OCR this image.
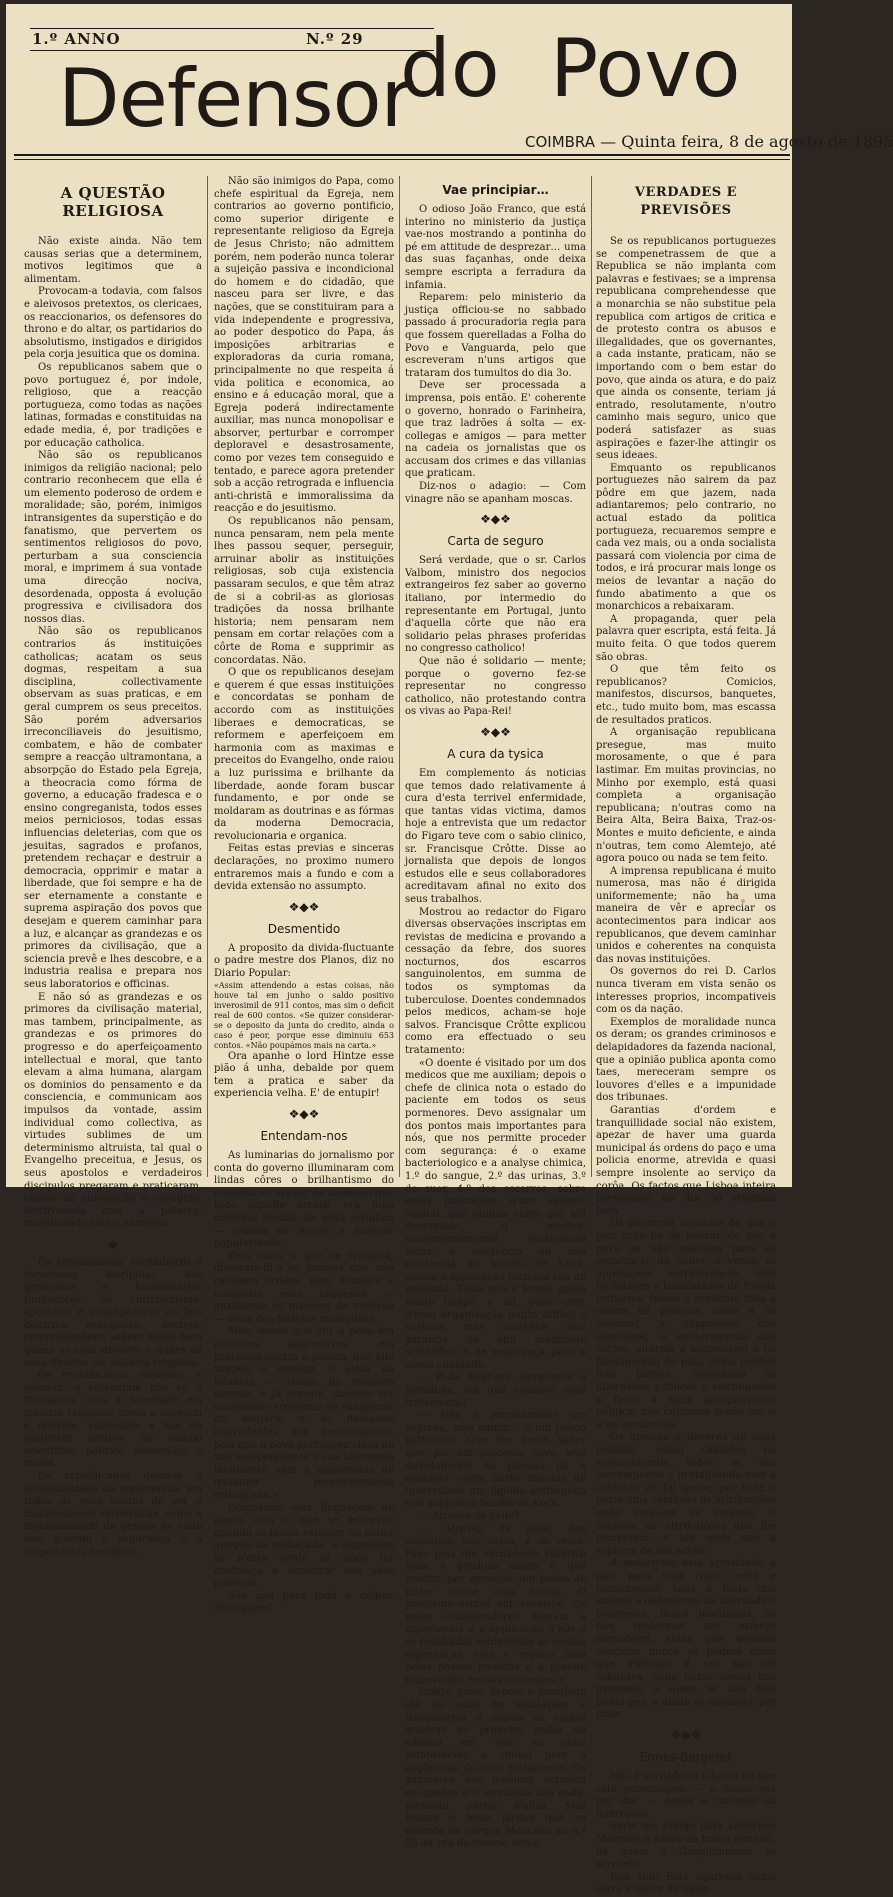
1.º ANNO	N.º 29
Defensor
do Povo
COIMBRA — Quinta feira, 8 de agosto de 1895
A QUESTÃO RELIGIOSA

Não existe ainda. Não tem causas serias que a determinem, motivos legitimos que a alimentam.

Provocam-a todavia, com falsos e aleivosos pretextos, os clericaes, os reaccionarios, os defensores do throno e do altar, os partidarios do absolutismo, instigados e dirigidos pela corja jesuitica que os domina.

Os republicanos sabem que o povo portuguez é, por indole, religioso, que a reacção portugueza, como todas as nações latinas, formadas e constituidas na edade media, é, por tradições e por educação catholica.

Não são os republicanos inimigos da religião nacional; pelo contrario reconhecem que ella é um elemento poderoso de ordem e moralidade; são, porém, inimigos intransigentes da superstição e do fanatismo, que pervertem os sentimentos religiosos do povo, perturbam a sua consciencia moral, e imprimem á sua vontade uma direcção nociva, desordenada, opposta á evolução progressiva e civilisadora dos nossos dias.

Não são os republicanos contrarios ás instituições catholicas; acatam os seus dogmas, respeitam a sua disciplina, collectivamente observam as suas praticas, e em geral cumprem os seus preceitos. São porém adversarios irreconciliaveis do jesuitismo, combatem, e hão de combater sempre a reacção ultramontana, a absorpção do Estado pela Egreja, a theocracia como fórma de governo, a educação fradesca e o ensino congreganista, todos esses meios perniciosos, todas essas influencias deleterias, com que os jesuitas, sagrados e profanos, pretendem rechaçar e destruir a democracia, opprimir e matar a liberdade, que foi sempre e ha de ser eternamente a constante e suprema aspiração dos povos que desejam e querem caminhar para a luz, e alcançar as grandezas e os primores da civilisação, que a sciencia prevê e lhes descobre, e a industria realisa e prepara nos seus laboratorios e officinas.

E não só as grandezas e os primores da civilisação material, mas tambem, principalmente, as grandezas e os primores do progresso e do aperfeiçoamento intellectual e moral, que tanto elevam a alma humana, alargam os dominios do pensamento e da consciencia, e communicam aos impulsos da vontade, assim individual como collectiva, as virtudes sublimes de um determinismo altruista, tal qual o Evangelho preceitua, e Jesus, os seus apostolos e verdadeiros discipulos pregaram e praticaram, cheios de abnegação e coragem, doutrinando com a palavra, moralisando com o exemplo.

◆

Os republicanos, verdadeiros e fervorosos discipulos dos generosos e humanitarios fundadores do christianismo, apostolos e propagadores da boa doutrina evangelica, sentem, comprehendem, sabem muito bem quaes os seus deveres e quaes os seus direitos em materia religiosa.

Os republicanos, desejam, e querem, e sustentam não só a tolerancia, mas a liberdade em materia religiosa, como a desejam e querem, sustentam e hão de sustentar sempre no campo scientifico, politico, economico e moral.

Os republicanos querem a inviolabilidade da consciencia, em todos os seus modos de ser e manifestações respectivas, como a inviolabilidade da pessoa de cada um; querem a segurança e o respeito dos dominios.

Não são inimigos do Papa, como chefe espiritual da Egreja, nem contrarios ao governo pontificio, como superior dirigente e representante religioso da Egreja de Jesus Christo; não admittem porém, nem poderão nunca tolerar a sujeição passiva e incondicional do homem e do cidadão, que nasceu para ser livre, e das nações, que se constituiram para a vida independente e progressiva, ao poder despotico do Papa, ás imposições arbitrarias e exploradoras da curia romana, principalmente no que respeita á vida politica e economica, ao ensino e á educação moral, que a Egreja poderá indirectamente auxiliar, mas nunca monopolisar e absorver, perturbar e corromper deploravel e desastrosamente, como por vezes tem conseguido e tentado, e parece agora pretender sob a acção retrograda e influencia anti-christã e immoralissima da reacção e do jesuitismo.

Os republicanos não pensam, nunca pensaram, nem pela mente lhes passou sequer, perseguir, arruinar abolir as instituições religiosas, sob cuja existencia passaram seculos, e que têm atraz de si a cobril-as as gloriosas tradições da nossa brilhante historia; nem pensaram nem pensam em cortar relações com a côrte de Roma e supprimir as concordatas. Não.

O que os republicanos desejam e querem é que essas instituições e concordatas se ponham de accordo com as instituições liberaes e democraticas, se reformem e aperfeiçoem em harmonia com as maximas e preceitos do Evangelho, onde raiou a luz purissima e brilhante da liberdade, aonde foram buscar fundamento, e por onde se moldaram as doutrinas e as fórmas da moderna Democracia, revolucionaria e organica.

Feitas estas previas e sinceras declarações, no proximo numero entraremos mais a fundo e com a devida extensão no assumpto.

❖◆❖
Desmentido

A proposito da divida-fluctuante o padre mestre dos Planos, diz no Diario Popular:

«Assim attendendo a estas coisas, não houve tal em junho o saldo positivo inverosimil de 911 contos, mas sim o deficit real de 600 contos. «Se quizer considerar-se o deposito da junta do credito, ainda o caso é peor, porque esse diminuiu 653 contos. «Não poupámos mais na carta.»

Ora apanhe o lord Hintze esse pião á unha, debalde por quem tem a pratica e saber da experiencia velha. E' de entupir!

❖◆❖
Entendam-nos

As luminarias do jornalismo por conta do governo illuminaram com lindas côres o brilhantismo do centenario, apezar de saberem que todo aquelle arraial era uma comedia ignobil da seita jesuitica — revista de forças e mostrar popularidade.

Bem viam o que se tramava, disseram-lh'o os jornaes que não recebem ordens, nem dinheiro e commodo essa imprensa — auxiliando os manejos da reacção — disse dos festejos maravilhas.

Mas, desde que viu o povo em attitudes aggressivas, em protestos contra o jesuita, que elle suppõe o inimigo, o algoz da infancia — fallam de maneira diversa, e já berram, dizendo ser necessario «reprimir os exaggeros do beaterio e as demasias imprudentes dos reaccionarios, pois que o povo portuguez cioso da sua independencia e sua tolerancia fácilmente nem a apparencia de qualquer preponderancia retrograda.»

Comparem esta linguagem de agora com o que se escreveu quando as festas estavam no maior apogeo da palhaçada, e digam-nos se n'esta gente se póde ter confiança e acreditar nas suas palavras.

São pau para toda a colher. Repugnam!

Vae principiar…

O odioso João Franco, que está interino no ministerio da justiça vae-nos mostrando a pontinha do pé em attitude de desprezar… uma das suas façanhas, onde deixa sempre escripta a ferradura da infamia.

Reparem: pelo ministerio da justiça officiou-se no sabbado passado á procuradoria regia para que fossem querelladas a Folha do Povo e Vanguarda, pelo que escreveram n'uns artigos que trataram dos tumultos do dia 3o.

Deve ser processada a imprensa, pois então. E' coherente o governo, honrado o Farinheira, que traz ladrões á solta — ex-collegas e amigos — para metter na cadeia os jornalistas que os accusam dos crimes e das villanias que praticam.

Diz-nos o adagio: — Com vinagre não se apanham moscas.

❖◆❖
Carta de seguro

Será verdade, que o sr. Carlos Valbom, ministro dos negocios extrangeiros fez saber ao governo italiano, por intermedio do representante em Portugal, junto d'aquella côrte que não era solidario pelas phrases proferidas no congresso catholico!

Que não é solidario — mente; porque o governo fez-se representar no congresso catholico, não protestando contra os vivas ao Papa-Rei!

❖◆❖
A cura da tysica

Em complemento ás noticias que temos dado relativamente á cura d'esta terrivel enfermidade, que tantas vidas victima, damos hoje a entrevista que um redactor do Figaro teve com o sabio clinico, sr. Francisque Crôtte. Disse ao jornalista que depois de longos estudos elle e seus collaboradores acreditavam afinal no exito dos seus trabalhos.

Mostrou ao redactor do Figaro diversas observações inscriptas em revistas de medicina e provando a cessação da febre, dos suores nocturnos, dos escarros sanguinolentos, em summa de todos os symptomas da tuberculose. Doentes condemnados pelos medicos, acham-se hoje salvos. Francisque Crôtte explicou como era effectuado o seu tratamento:

«O doente é visitado por um dos medicos que me auxiliam; depois o chefe de clinica nota o estado do paciente em todos os seus pormenores. Devo assignalar um dos pontos mais importantes para nós, que nos permitte proceder com segurança: é o exame bacteriologico e a analyse chimica, 1.º do sangue, 2.º das urinas, 3.º do suor, 4.º dos escarros; sobre estas indicações d'um alcance capital, que muitas vezes por alli desprezam, o medico, convenientemente esclarecido sobre a existencia ou não existencia do bacillo de Kock, marca a applicação racional seu do methodo. Tudo isto é longo, gasta muito tempo, e foi, pode crer, d'uma organisação muito difficil e custosa, mas constitue uma garantia de alta probidade scientifica e de segurança para a nossa clientella.

— Pode dizer-me, perguntou o jornalista, em que consiste esse tratamento?

— Não é precisamente um segredo, mas emfim… é um pouco particular. Que lhe baste saber que, por um processo novo, levo directamente ao pulmão ou a qualquer outra parte atacada de tuberculose um liquido antiseptico que aniquila o bacillo de Kock.

— Através da pelle?

— Atravez da pelle, dos musculos, dos ossos, e do resto. Faço pois um verdadeiro curativo local e produzo assim o que produz, por exemplo, um penso de Lister sobre uma ferida. O problema estava ahi: resolvi-o. Os meus collaboradores fizeram a experiencia e a applicação d'elle e os resultados sobrelevam as nossas esperanças: veja e registo feito pelos nossos medicos e o grande numero dos nossos successos.»

Crôtte guiou depois o jornalista até as salas de inhalações e laboratorios e depois ás vastas quadras do primeiro andar do edificio em que se acha estabelecida a clinica para a applicação do novo tratamento. Os gabinetes dos medicos estavam occupados e o jornalista não pode, portanto, entrar n'ellas. Mas visitou o bello jardim que se estende do parque Monceau ao n.º 55 da rua do mesmo nome.

VERDADES E PREVISÕES

Se os republicanos portuguezes se compenetrassem de que a Republica se não implanta com palavras e festivaes; se a imprensa republicana comprehendesse que a monarchia se não substitue pela republica com artigos de critica e de protesto contra os abusos e illegalidades, que os governantes, a cada instante, praticam, não se importando com o bem estar do povo, que ainda os atura, e do paiz que ainda os consente, teriam já entrado, resolutamente, n'outro caminho mais seguro, unico que poderá satisfazer as suas aspirações e fazer-lhe attingir os seus ideaes.

Emquanto os republicanos portuguezes não sairem da paz pôdre em que jazem, nada adiantaremos; pelo contrario, no actual estado da politica portugueza, recuaremos sempre e cada vez mais, ou a onda socialista passará com violencia por cima de todos, e irá procurar mais longe os meios de levantar a nação do fundo abatimento a que os monarchicos a rebaixaram.

A propaganda, quer pela palavra quer escripta, está feita. Já muito feita. O que todos querem são obras.

O que têm feito os republicanos? Comicios, manifestos, discursos, banquetes, etc., tudo muito bom, mas escassa de resultados praticos.

A organisação republicana presegue, mas muito morosamente, o que é para lastimar. Em muitas provincias, no Minho por exemplo, está quasi completa a organisação republicana; n'outras como na Beira Alta, Beira Baixa, Traz-os-Montes e muito deficiente, e ainda n'outras, tem como Alemtejo, até agora pouco ou nada se tem feito.

A imprensa republicana é muito numerosa, mas não é dirigida uniformemente; não ha uma maneira de vêr e apreciar os acontecimentos para indicar aos republicanos, que devem caminhar unidos e coherentes na conquista das novas instituições.

Os governos do rei D. Carlos nunca tiveram em vista senão os interesses proprios, incompativeis com os da nação.

Exemplos de moralidade nunca os deram; os grandes criminosos e delapidadores da fazenda nacional, que a opinião publica aponta como taes, mereceram sempre os louvores d'elles e a impunidade dos tribunaes.

Garantias d'ordem e tranquillidade social não existem, apezar de haver uma guarda municipal ás ordens do paço e uma policia enorme, atrevida e quasi sempre insolente ao serviço da corôa. Os factos que Lisboa inteira presenciou no dia 3o attestam bem.

Os governos conscios de que o paiz tudo ha de tolerar, de que o povo se não mecherá para os escorraçar do poder, e vendo as opposições entreterem-se com futilidades e banalidades de frivola rethorica, fazem e praticam toda a ordem de proezas, como a lei eleitoral, a suppressão dos concelhos, o encerramento das côrtes; alteram e suspendem a lei fundamental do paiz, como melhor lhes parece, cerceando as liberdades publicas e continuando a fazer a mais anti-patriotica politica; não cuidando senão em si e na monarchia.

Os direitos e deveres de cada cidadão, estão calcados no esquecimento; todos se vão corrompendo e brutalisando com o contacto de tal gente; por toda a parte uma confusão de attribuições onde ninguem se entende, e conhece as attribuições que lhe competem, e até onde vae a esphera da sua acção.

A monarchia está arrastando o paiz para uma ruina certa e monumental; toda a lucta dos amigos e defensores da liberdade e progresso, ficará inutilisada, se não tentarmos um esforço derradeiro, ainda que sejamos vencidos nunca se poderá dizer que Portugal é um paz de cobardes, onde todos somos uns pygmeus, a quem se dão dois ponta-pés, e ainda se agradece por cima.

❖◆❖
Ennes-Bergeret

Não é verdadeiro o bosto de que este personagem — o Socco rex por dia! — venha a caminho da metropole.

Seria um perigo para Lourenço Marques a saida do braço general, de quem o Gonghunhama se arreceia.

Isso sim! Está agarrado como ostra a lastro de navio.
